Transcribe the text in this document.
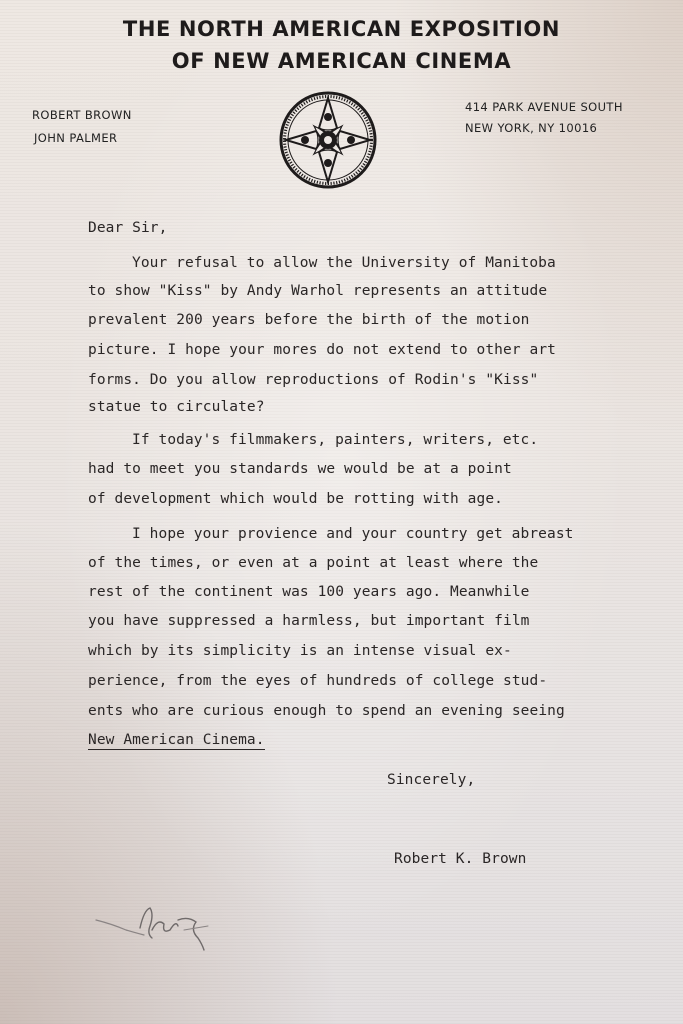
THE NORTH AMERICAN EXPOSITION
OF NEW AMERICAN CINEMA

ROBERT BROWN

JOHN PALMER

414 PARK AVENUE SOUTH

NEW YORK, NY 10016

Dear Sir,

Your refusal to allow the University of Manitoba

to show "Kiss" by Andy Warhol represents an attitude

prevalent 200 years before the birth of the motion

picture. I hope your mores do not extend to other art

forms. Do you allow reproductions of Rodin's "Kiss"

statue to circulate?

If today's filmmakers, painters, writers, etc.

had to meet you standards we would be at a point

of development which would be rotting with age.

I hope your provience and your country get abreast

of the times, or even at a point at least where the

rest of the continent was 100 years ago. Meanwhile

you have suppressed a harmless, but important film

which by its simplicity is an intense visual ex-

perience, from the eyes of hundreds of college stud-

ents who are curious enough to spend an evening seeing

New American Cinema.

Sincerely,

Robert K. Brown
